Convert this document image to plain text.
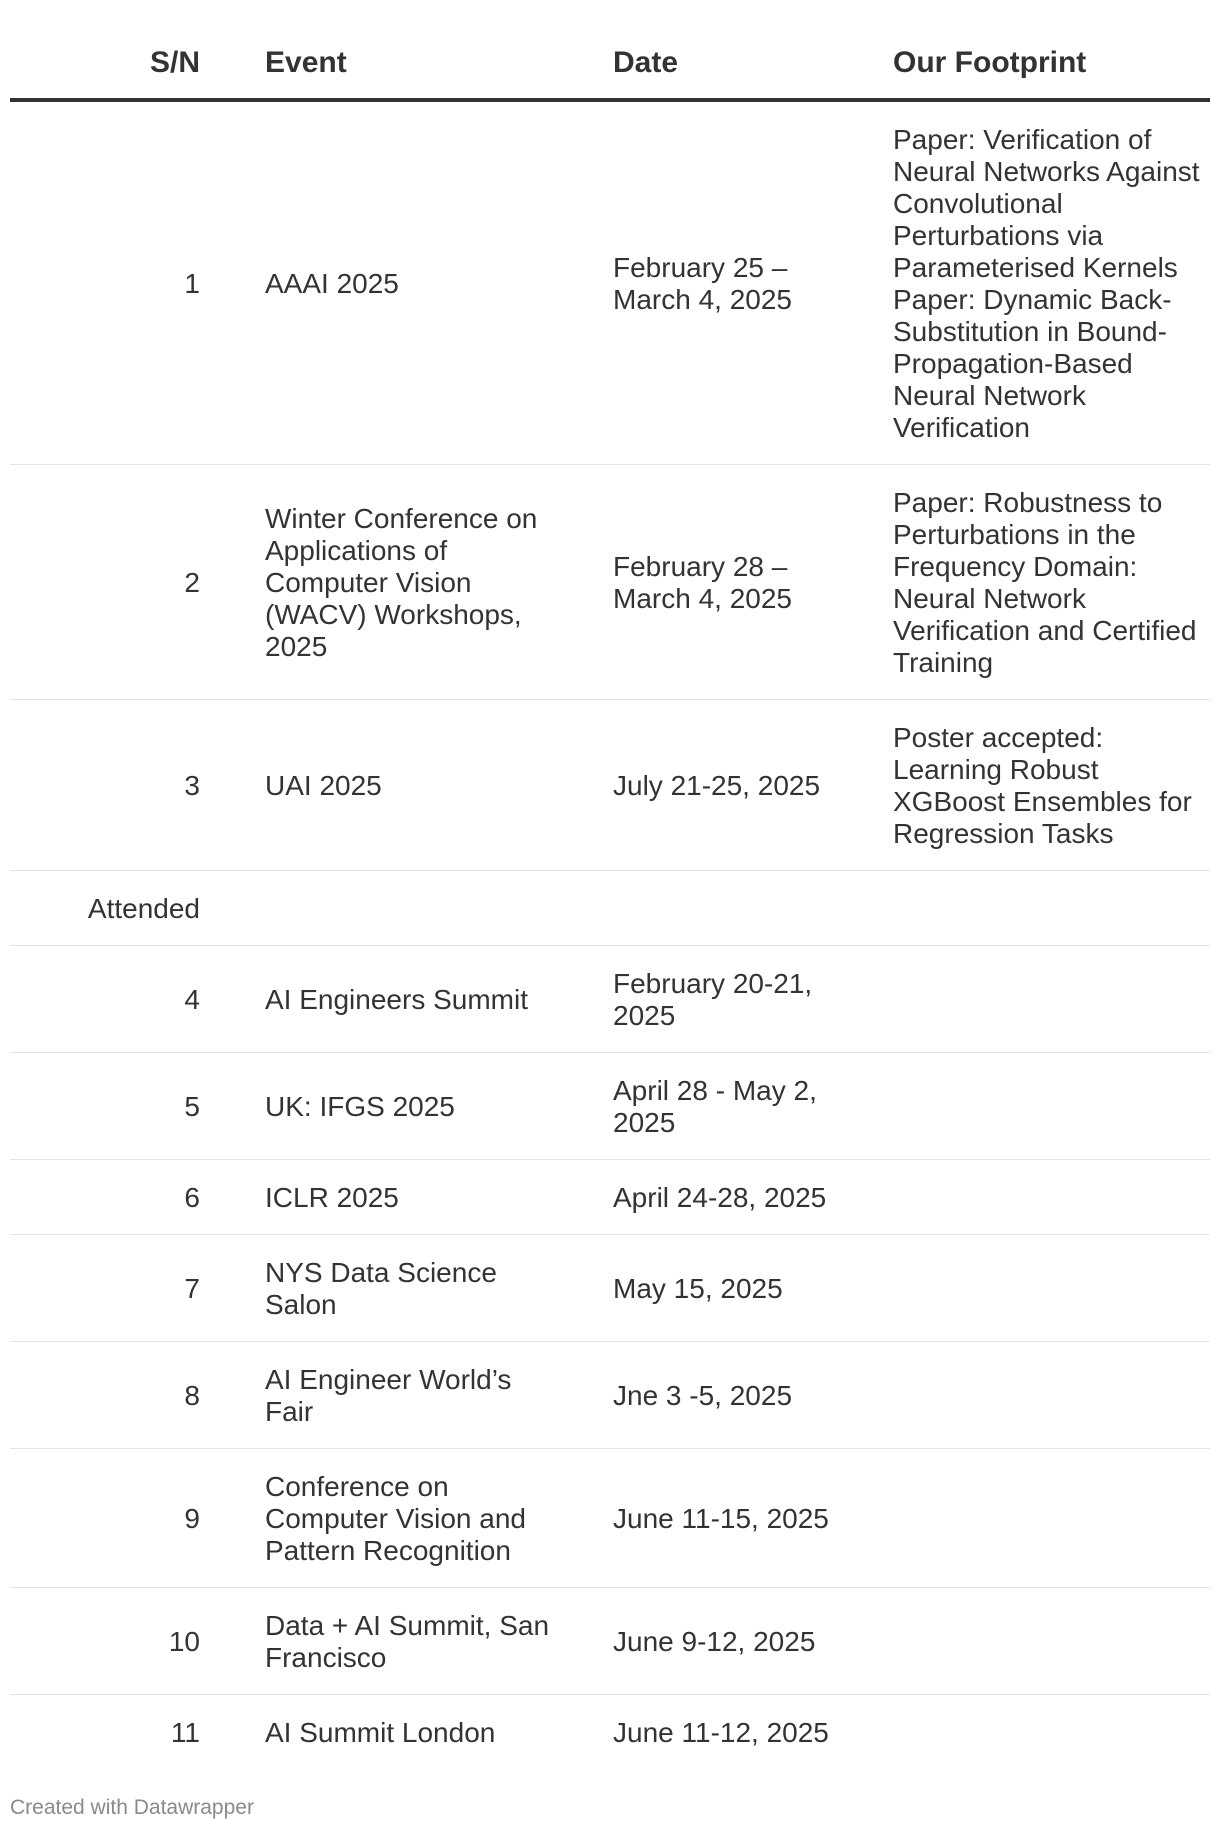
S/N	Event	Date	Our Footprint
1	AAAI 2025	February 25 – March 4, 2025	Paper: Verification of Neural Networks Against Convolutional Perturbations via Parameterised Kernels
Paper: Dynamic Back-Substitution in Bound-Propagation-Based Neural Network Verification

2	Winter Conference on Applications of Computer Vision (WACV) Workshops, 2025	February 28 – March 4, 2025	Paper: Robustness to Perturbations in the Frequency Domain: Neural Network Verification and Certified Training

3	UAI 2025	July 21-25, 2025	Poster accepted: Learning Robust XGBoost Ensembles for Regression Tasks

Attended			
4	AI Engineers Summit	February 20-21, 2025	
5	UK: IFGS 2025	April 28 - May 2, 2025	
6	ICLR 2025	April 24-28, 2025	
7	NYS Data Science Salon	May 15, 2025	
8	AI Engineer World’s Fair	Jne 3 -5, 2025	
9	Conference on Computer Vision and Pattern Recognition	June 11-15, 2025	
10	Data + AI Summit, San Francisco	June 9-12, 2025	
11	AI Summit London	June 11-12, 2025	
Created with Datawrapper
